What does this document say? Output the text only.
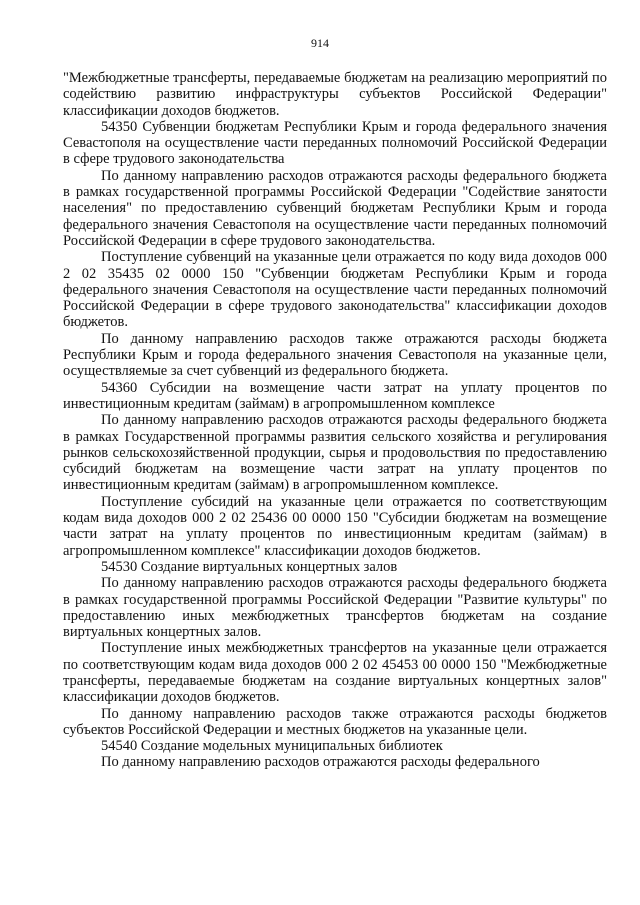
914

"Межбюджетные трансферты, передаваемые бюджетам на реализацию мероприятий по содействию развитию инфраструктуры субъектов Российской Федерации" классификации доходов бюджетов.

54350 Субвенции бюджетам Республики Крым и города федерального значения Севастополя на осуществление части переданных полномочий Российской Федерации в сфере трудового законодательства

По данному направлению расходов отражаются расходы федерального бюджета в рамках государственной программы Российской Федерации "Содействие занятости населения" по предоставлению субвенций бюджетам Республики Крым и города федерального значения Севастополя на осуществление части переданных полномочий Российской Федерации в сфере трудового законодательства.

Поступление субвенций на указанные цели отражается по коду вида доходов 000 2 02 35435 02 0000 150 "Субвенции бюджетам Республики Крым и города федерального значения Севастополя на осуществление части переданных полномочий Российской Федерации в сфере трудового законодательства" классификации доходов бюджетов.

По данному направлению расходов также отражаются расходы бюджета Республики Крым и города федерального значения Севастополя на указанные цели, осуществляемые за счет субвенций из федерального бюджета.

54360 Субсидии на возмещение части затрат на уплату процентов по инвестиционным кредитам (займам) в агропромышленном комплексе

По данному направлению расходов отражаются расходы федерального бюджета в рамках Государственной программы развития сельского хозяйства и регулирования рынков сельскохозяйственной продукции, сырья и продовольствия по предоставлению субсидий бюджетам на возмещение части затрат на уплату процентов по инвестиционным кредитам (займам) в агропромышленном комплексе.

Поступление субсидий на указанные цели отражается по соответствующим кодам вида доходов 000 2 02 25436 00 0000 150 "Субсидии бюджетам на возмещение части затрат на уплату процентов по инвестиционным кредитам (займам) в агропромышленном комплексе" классификации доходов бюджетов.

54530 Создание виртуальных концертных залов

По данному направлению расходов отражаются расходы федерального бюджета в рамках государственной программы Российской Федерации "Развитие культуры" по предоставлению иных межбюджетных трансфертов бюджетам на создание виртуальных концертных залов.

Поступление иных межбюджетных трансфертов на указанные цели отражается по соответствующим кодам вида доходов 000 2 02 45453 00 0000 150 "Межбюджетные трансферты, передаваемые бюджетам на создание виртуальных концертных залов" классификации доходов бюджетов.

По данному направлению расходов также отражаются расходы бюджетов субъектов Российской Федерации и местных бюджетов на указанные цели.

54540 Создание модельных муниципальных библиотек

По данному направлению расходов отражаются расходы федерального
